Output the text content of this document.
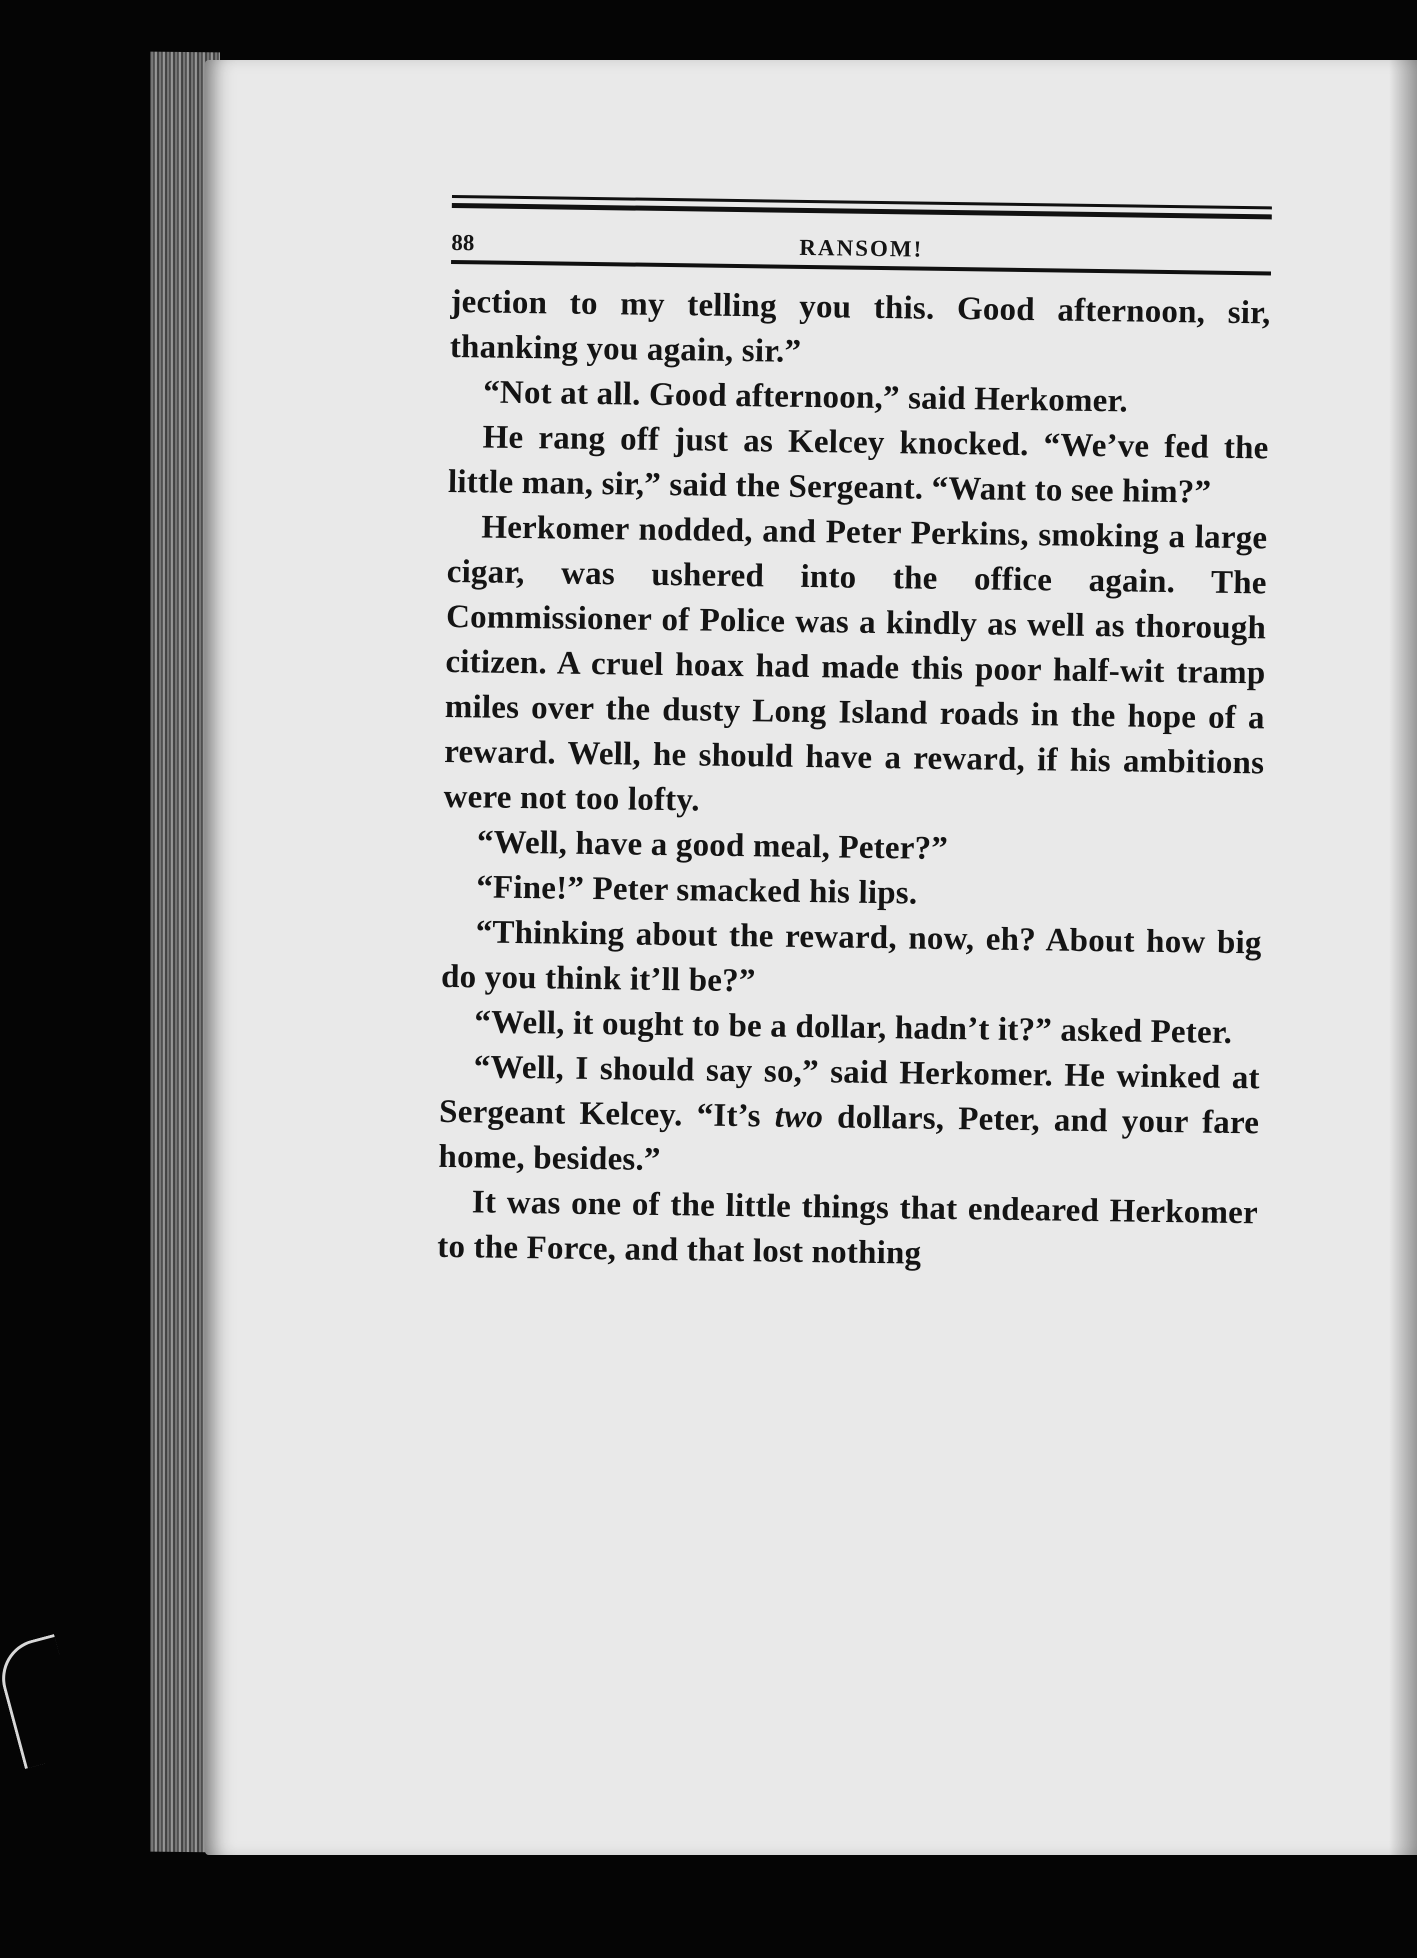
88	RANSOM!

jection to my telling you this. Good afternoon, sir, thanking you again, sir.”

“Not at all. Good afternoon,” said Herkomer.

He rang off just as Kelcey knocked. “We’ve fed the little man, sir,” said the Sergeant. “Want to see him?”

Herkomer nodded, and Peter Perkins, smoking a large cigar, was ushered into the office again. The Commissioner of Police was a kindly as well as thorough citizen. A cruel hoax had made this poor half-wit tramp miles over the dusty Long Island roads in the hope of a reward. Well, he should have a reward, if his ambitions were not too lofty.

“Well, have a good meal, Peter?”

“Fine!” Peter smacked his lips.

“Thinking about the reward, now, eh? About how big do you think it’ll be?”

“Well, it ought to be a dollar, hadn’t it?” asked Peter.

“Well, I should say so,” said Herkomer. He winked at Sergeant Kelcey. “It’s two dollars, Peter, and your fare home, besides.”

It was one of the little things that endeared Herkomer to the Force, and that lost nothing
